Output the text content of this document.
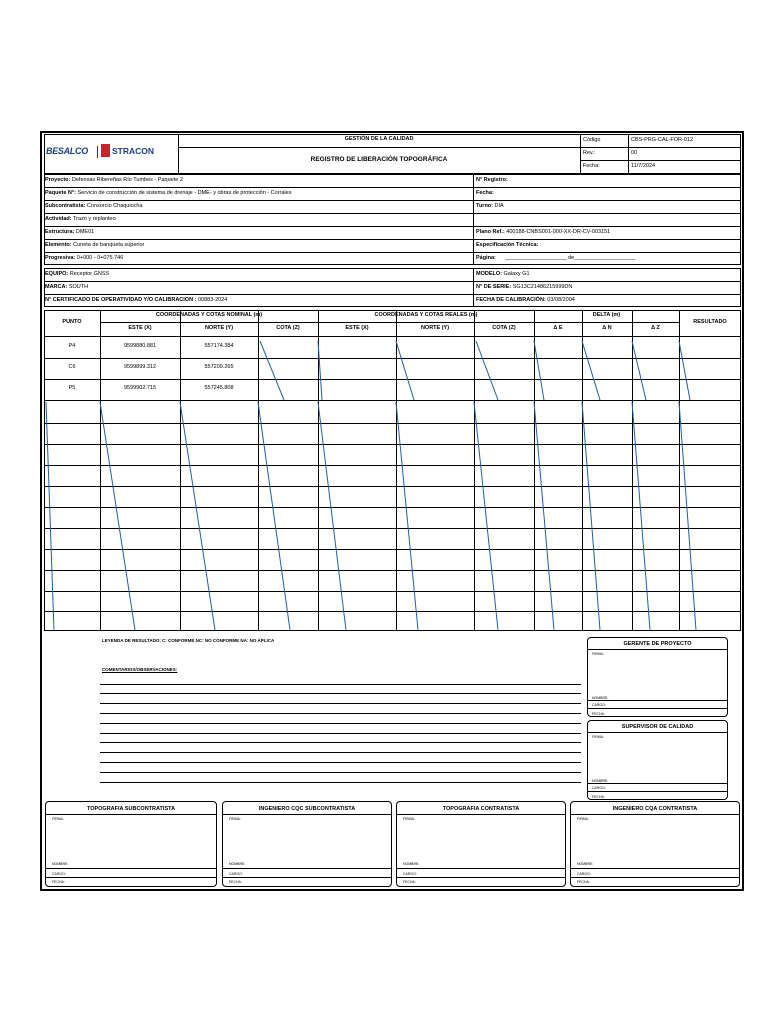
BESALCO	STRACON
GESTIÓN DE LA CALIDAD
REGISTRO DE LIBERACIÓN TOPOGRÁFICA
Código	CBS-PRG-CAL-FOR-012
Rev.:	00
Fecha:	11/7/2024
Proyecto: Defensas Ribereñas Río Tumbes - Paquete 2	N° Registro:
Paquete N°: Servicio de construcción de sistema de drenaje - DME- y obras de protección - Corrales	Fecha:
Subcontratista: Consorcio Chaquiocha	Turno: DIA
Actividad: Trazo y replanteo
Estructura: DME01	Plano Ref.: 400188-CNBS001-000-XX-DR-CV-003151
Elemento: Cuneta de banqueta superior	Especificación Técnica:
Progresiva: 0+000 - 0+075.746	Página: ____________________ de____________________
EQUIPO: Receptor GNSS	MODELO: Galaxy G1
MARCA: SOUTH	N° DE SERIE: SG13C21486215999DN
N° CERTIFICADO DE OPERATIVIDAD Y/O CALIBRACION : 00883-2024	FECHA DE CALIBRACIÓN: 03/08/2004
PUNTO
COORDENADAS Y COTAS NOMINAL (m)	COORDENADAS Y COTAS REALES (m)	DELTA (m)
RESULTADO
ESTE (X)	NORTE (Y)	COTA (Z)	ESTE (X)	NORTE (Y)	COTA (Z)	Δ E	Δ N	Δ Z
P4	9599880.881	557174.384
C6	9599899.312	557209.265
P5	9599902.715	557245.808
LEYENDA DE RESULTADO: C: CONFORME NC: NO CONFORME NA: NO APLICA
COMENTARIOS/OBSERVACIONES:
GERENTE DE PROYECTO
FIRMA:
NOMBRE:
CARGO:
FECHA:
SUPERVISOR DE CALIDAD
FIRMA:
NOMBRE:
CARGO:
FECHA:
TOPOGRAFIA SUBCONTRATISTA
FIRMA:
NOMBRE:
CARGO:
FECHA:
INGENIERO CQC SUBCONTRATISTA
FIRMA:
NOMBRE:
CARGO:
FECHA:
TOPOGRAFIA CONTRATISTA
FIRMA:
NOMBRE:
CARGO:
FECHA:
INGENIERO CQA CONTRATISTA
FIRMA:
NOMBRE:
CARGO:
FECHA:
